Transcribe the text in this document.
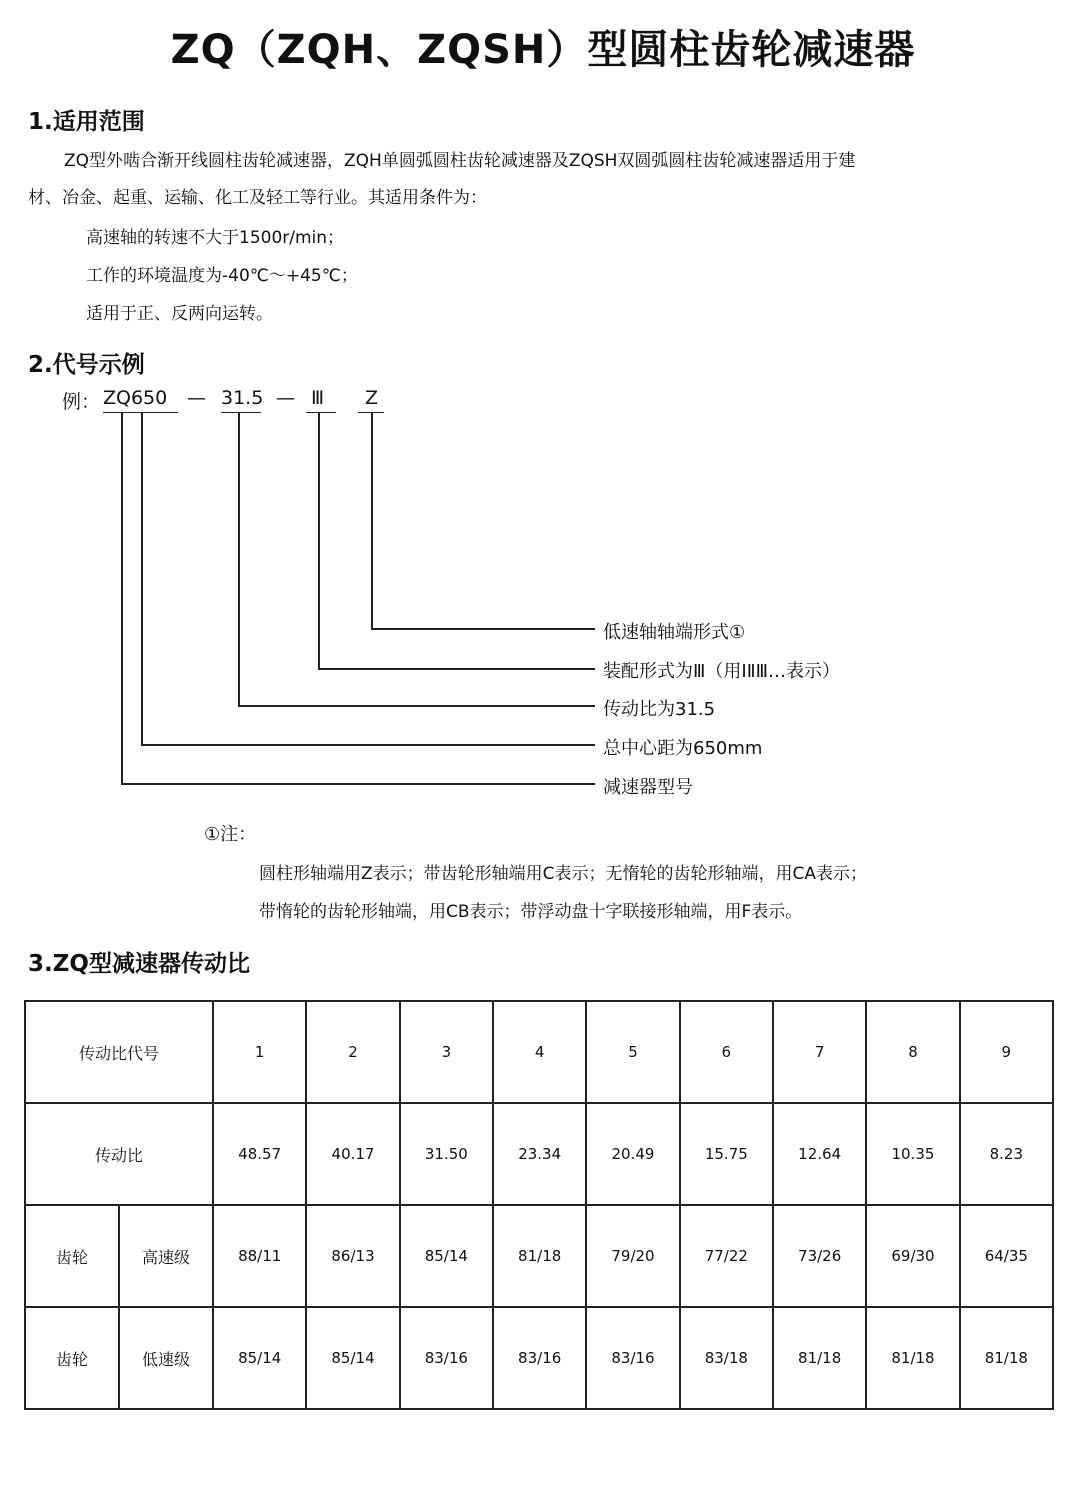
ZQ（ZQH、ZQSH）型圆柱齿轮减速器
1.适用范围
ZQ型外啮合渐开线圆柱齿轮减速器，ZQH单圆弧圆柱齿轮减速器及ZQSH双圆弧圆柱齿轮减速器适用于建
材、冶金、起重、运输、化工及轻工等行业。其适用条件为：
高速轴的转速不大于1500r/min；
工作的环境温度为-40℃～+45℃；
适用于正、反两向运转。
2.代号示例
例： ZQ650 — 31.5 — Ⅲ Z
低速轴轴端形式①
装配形式为Ⅲ（用ⅠⅡⅢ…表示）
传动比为31.5
总中心距为650mm
减速器型号
①注：
圆柱形轴端用Z表示；带齿轮形轴端用C表示；无惰轮的齿轮形轴端，用CA表示；
带惰轮的齿轮形轴端，用CB表示；带浮动盘十字联接形轴端，用F表示。
3.ZQ型减速器传动比
传动比代号		1	2	3	4	5	6	7	8	9
传动比		48.57	40.17	31.50	23.34	20.49	15.75	12.64	10.35	8.23
齿轮	高速级	88/11	86/13	85/14	81/18	79/20	77/22	73/26	69/30	64/35
齿轮	低速级	85/14	85/14	83/16	83/16	83/16	83/18	81/18	81/18	81/18
